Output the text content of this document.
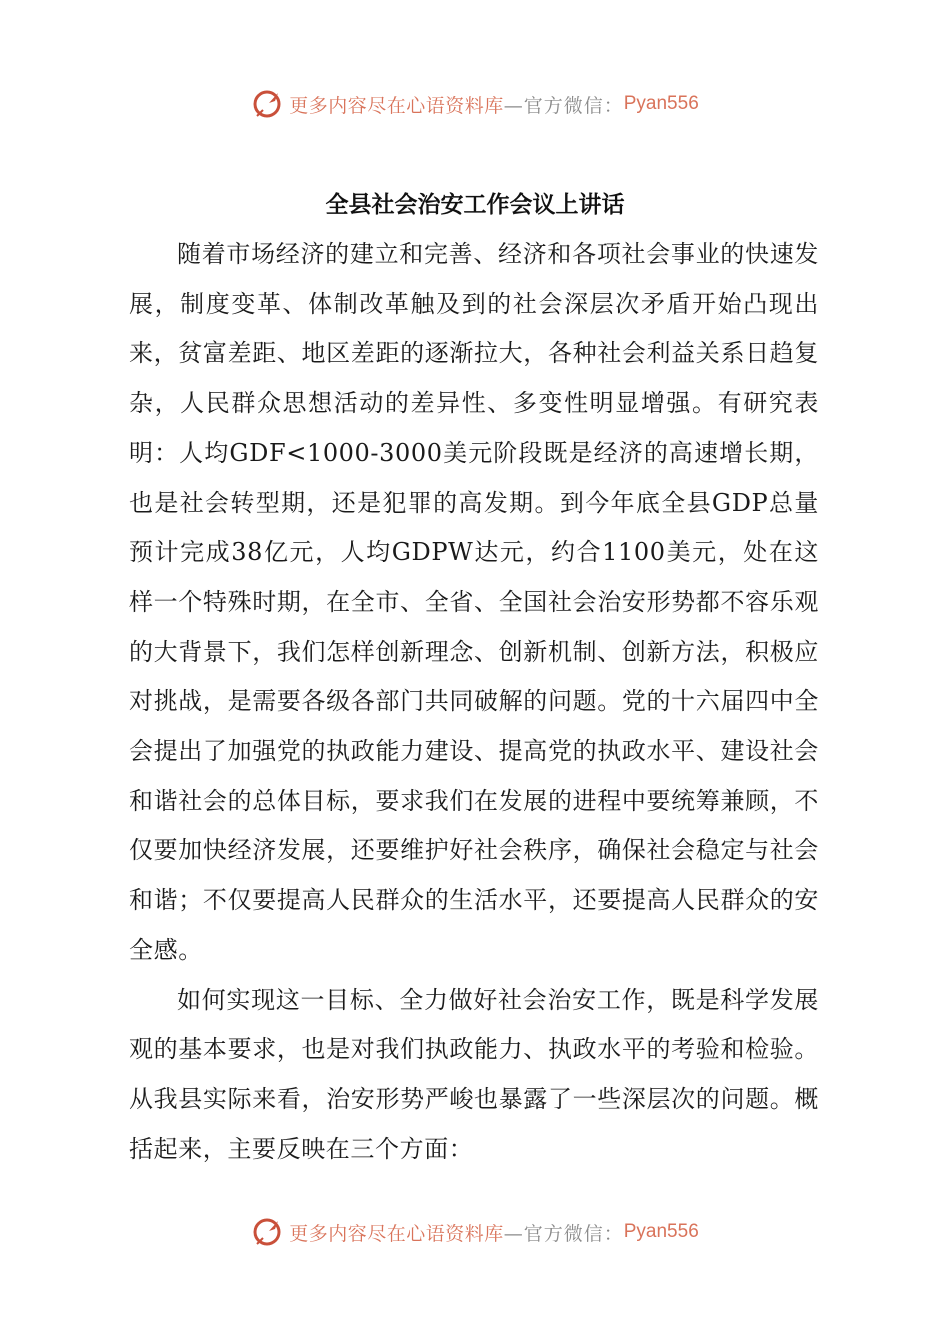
更多内容尽在心语资料库 —官方微信： Pyan556
全县社会治安工作会议上讲话

随着市场经济的建立和完善、经济和各项社会事业的快速发展，制度变革、体制改革触及到的社会深层次矛盾开始凸现出来，贫富差距、地区差距的逐渐拉大，各种社会利益关系日趋复杂，人民群众思想活动的差异性、多变性明显增强。有研究表明：人均GDF<1000-3000美元阶段既是经济的高速增长期，也是社会转型期，还是犯罪的高发期。到今年底全县GDP总量预计完成38亿元，人均GDPW达元，约合1100美元，处在这样一个特殊时期，在全市、全省、全国社会治安形势都不容乐观的大背景下，我们怎样创新理念、创新机制、创新方法，积极应对挑战，是需要各级各部门共同破解的问题。党的十六届四中全会提出了加强党的执政能力建设、提高党的执政水平、建设社会和谐社会的总体目标，要求我们在发展的进程中要统筹兼顾，不仅要加快经济发展，还要维护好社会秩序，确保社会稳定与社会和谐；不仅要提高人民群众的生活水平，还要提高人民群众的安全感。

如何实现这一目标、全力做好社会治安工作，既是科学发展观的基本要求，也是对我们执政能力、执政水平的考验和检验。从我县实际来看，治安形势严峻也暴露了一些深层次的问题。概括起来，主要反映在三个方面：

更多内容尽在心语资料库 —官方微信： Pyan556
